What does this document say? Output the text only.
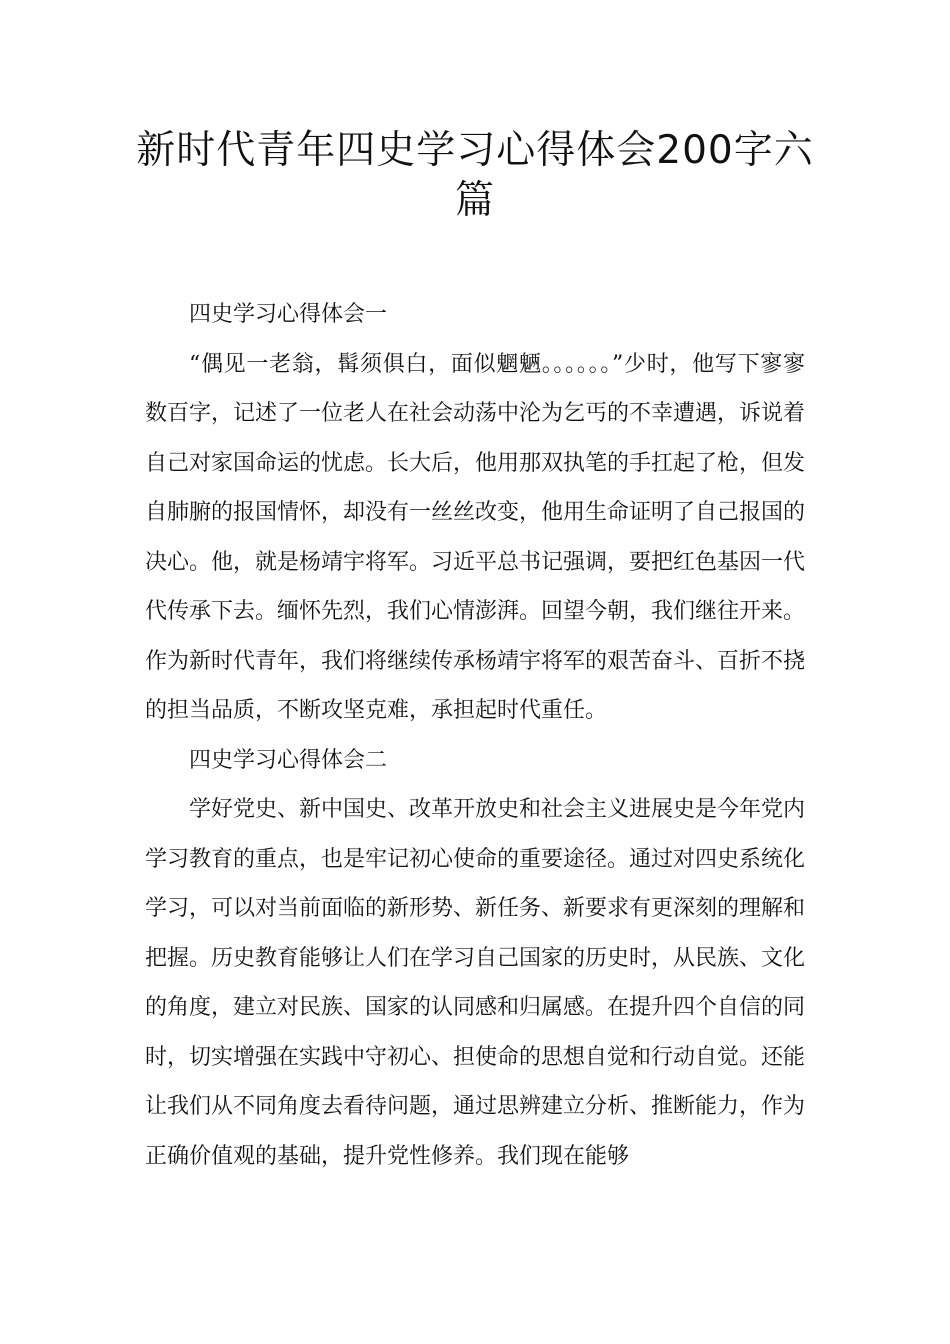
新时代青年四史学习心得体会200字六篇

四史学习心得体会一

“偶见一老翁，髯须俱白，面似魍魉。。。。。。”少时，他写下寥寥数百字，记述了一位老人在社会动荡中沦为乞丐的不幸遭遇，诉说着自己对家国命运的忧虑。长大后，他用那双执笔的手扛起了枪，但发自肺腑的报国情怀，却没有一丝丝改变，他用生命证明了自己报国的决心。他，就是杨靖宇将军。习近平总书记强调，要把红色基因一代代传承下去。缅怀先烈，我们心情澎湃。回望今朝，我们继往开来。作为新时代青年，我们将继续传承杨靖宇将军的艰苦奋斗、百折不挠的担当品质，不断攻坚克难，承担起时代重任。

四史学习心得体会二

学好党史、新中国史、改革开放史和社会主义进展史是今年党内学习教育的重点，也是牢记初心使命的重要途径。通过对四史系统化学习，可以对当前面临的新形势、新任务、新要求有更深刻的理解和把握。历史教育能够让人们在学习自己国家的历史时，从民族、文化的角度，建立对民族、国家的认同感和归属感。在提升四个自信的同时，切实增强在实践中守初心、担使命的思想自觉和行动自觉。还能让我们从不同角度去看待问题，通过思辨建立分析、推断能力，作为正确价值观的基础，提升党性修养。我们现在能够
